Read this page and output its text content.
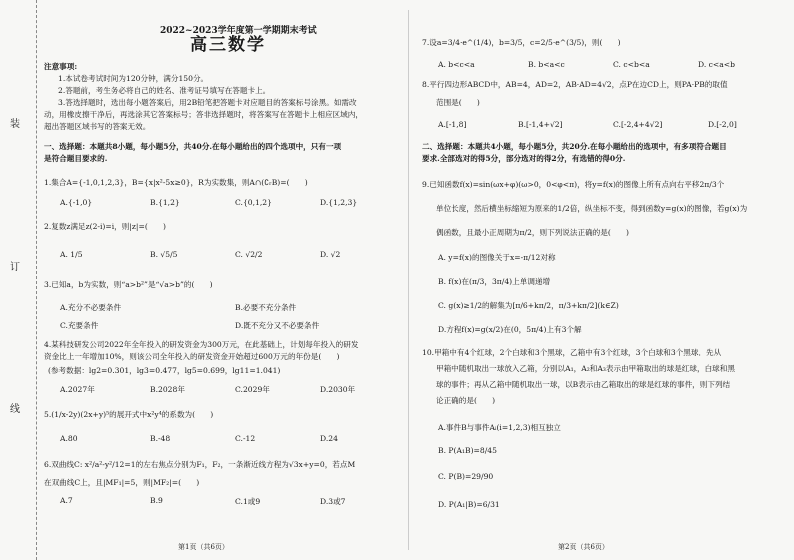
装
订
线
2022~2023学年度第一学期期末考试
高三数学
注意事项:
1.本试卷考试时间为120分钟，满分150分。
2.答题前，考生务必将自己的姓名、准考证号填写在答题卡上。
3.答选择题时，选出每小题答案后，用2B铅笔把答题卡对应题目的答案标号涂黑。如需改
动，用橡皮擦干净后，再选涂其它答案标号；答非选择题时，将答案写在答题卡上相应区域内，
超出答题区域书写的答案无效。
一、选择题：本题共8小题，每小题5分，共40分.在每小题给出的四个选项中，只有一项
是符合题目要求的.
1.集合A={-1,0,1,2,3}，B={x|x²-5x≥0}，R为实数集，则A∩(∁ᵣB)=(　　)
A.{-1,0}	B.{1,2}	C.{0,1,2}	D.{1,2,3}
2.复数z满足z(2-i)=i，则|z|=(　　)
A. 1/5	B. √5/5	C. √2/2	D. √2
3.已知a，b为实数，则“a>b²”是“√a>b”的(　　)
A.充分不必要条件	B.必要不充分条件
C.充要条件	D.既不充分又不必要条件
4.某科技研发公司2022年全年投入的研发资金为300万元，在此基础上，计划每年投入的研发
资金比上一年增加10%，则该公司全年投入的研发资金开始超过600万元的年份是(　　)
(参考数据：lg2=0.301，lg3=0.477，lg5=0.699，lg11=1.041)
A.2027年	B.2028年	C.2029年	D.2030年
5.(1/x-2y)(2x+y)⁵的展开式中x²y⁴的系数为(　　)
A.80	B.-48	C.-12	D.24
6.双曲线C: x²/a²-y²/12=1的左右焦点分别为F₁，F₂，一条渐近线方程为√3x+y=0，若点M
在双曲线C上，且|MF₁|=5，则|MF₂|=(　　)
A.7	B.9	C.1或9	D.3或7
第1页（共6页）
7.设a=3/4·e^(1/4)，b=3/5，c=2/5·e^(3/5)，则(　　)
A. b<c<a	B. b<a<c	C. c<b<a	D. c<a<b
8.平行四边形ABCD中，AB=4，AD=2，AB·AD=4√2，点P在边CD上，则PA·PB的取值
范围是(　　)
A.[-1,8]	B.[-1,4+√2]	C.[-2,4+4√2]	D.[-2,0]
二、选择题：本题共4小题，每小题5分，共20分.在每小题给出的选项中，有多项符合题目
要求.全部选对的得5分，部分选对的得2分，有选错的得0分.
9.已知函数f(x)=sin(ωx+φ)(ω>0，0<φ<π)，将y=f(x)的图像上所有点向右平移2π/3个
单位长度，然后横坐标缩短为原来的1/2倍，纵坐标不变，得到函数y=g(x)的图像，若g(x)为
偶函数，且最小正周期为π/2，则下列说法正确的是(　　)
A. y=f(x)的图像关于x=-π/12对称
B. f(x)在(π/3，3π/4)上单调递增
C. g(x)≥1/2的解集为[π/6+kπ/2，π/3+kπ/2](k∈Z)
D.方程f(x)=g(x/2)在(0，5π/4)上有3个解
10.甲箱中有4个红球，2个白球和3个黑球，乙箱中有3个红球，3个白球和3个黑球．先从
甲箱中随机取出一球放入乙箱，分别以A₁，A₂和A₃表示由甲箱取出的球是红球，白球和黑
球的事件；再从乙箱中随机取出一球，以B表示由乙箱取出的球是红球的事件，则下列结
论正确的是(　　)
A.事件B与事件Aᵢ(i=1,2,3)相互独立
B. P(A₁B)=8/45
C. P(B)=29/90
D. P(A₁|B)=6/31
第2页（共6页）
